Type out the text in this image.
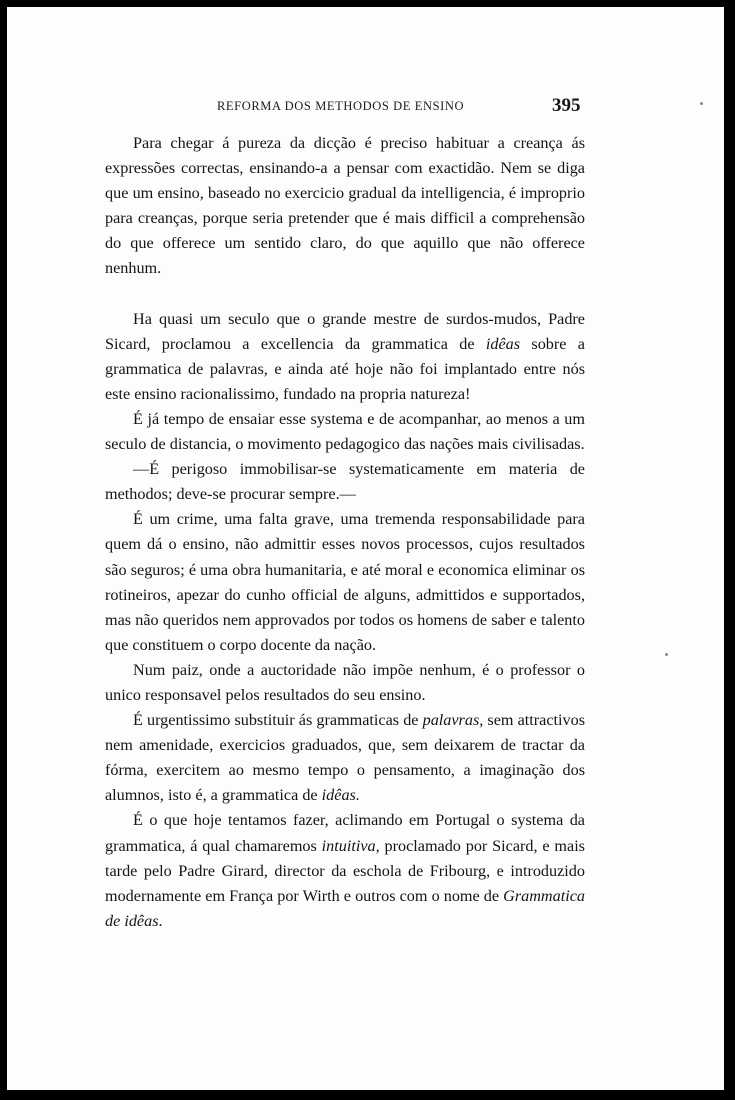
REFORMA DOS METHODOS DE ENSINO	395

Para chegar á pureza da dicção é preciso habituar a creança ás expressões correctas, ensinando-a a pensar com exactidão. Nem se diga que um ensino, baseado no exercicio gradual da intelligencia, é improprio para creanças, porque seria pretender que é mais difficil a comprehensão do que offerece um sentido claro, do que aquillo que não offerece nenhum.

Ha quasi um seculo que o grande mestre de surdos-mudos, Padre Sicard, proclamou a excellencia da grammatica de idêas sobre a grammatica de palavras, e ainda até hoje não foi implantado entre nós este ensino racionalissimo, fundado na propria natureza!

É já tempo de ensaiar esse systema e de acompanhar, ao menos a um seculo de distancia, o movimento pedagogico das nações mais civilisadas.

—É perigoso immobilisar-se systematicamente em materia de methodos; deve-se procurar sempre.—

É um crime, uma falta grave, uma tremenda responsabilidade para quem dá o ensino, não admittir esses novos processos, cujos resultados são seguros; é uma obra humanitaria, e até moral e economica eliminar os rotineiros, apezar do cunho official de alguns, admittidos e supportados, mas não queridos nem approvados por todos os homens de saber e talento que constituem o corpo docente da nação.

Num paiz, onde a auctoridade não impõe nenhum, é o professor o unico responsavel pelos resultados do seu ensino.

É urgentissimo substituir ás grammaticas de palavras, sem attractivos nem amenidade, exercicios graduados, que, sem deixarem de tractar da fórma, exercitem ao mesmo tempo o pensamento, a imaginação dos alumnos, isto é, a grammatica de idêas.

É o que hoje tentamos fazer, aclimando em Portugal o systema da grammatica, á qual chamaremos intuitiva, proclamado por Sicard, e mais tarde pelo Padre Girard, director da eschola de Fribourg, e introduzido modernamente em França por Wirth e outros com o nome de Grammatica de idêas.
